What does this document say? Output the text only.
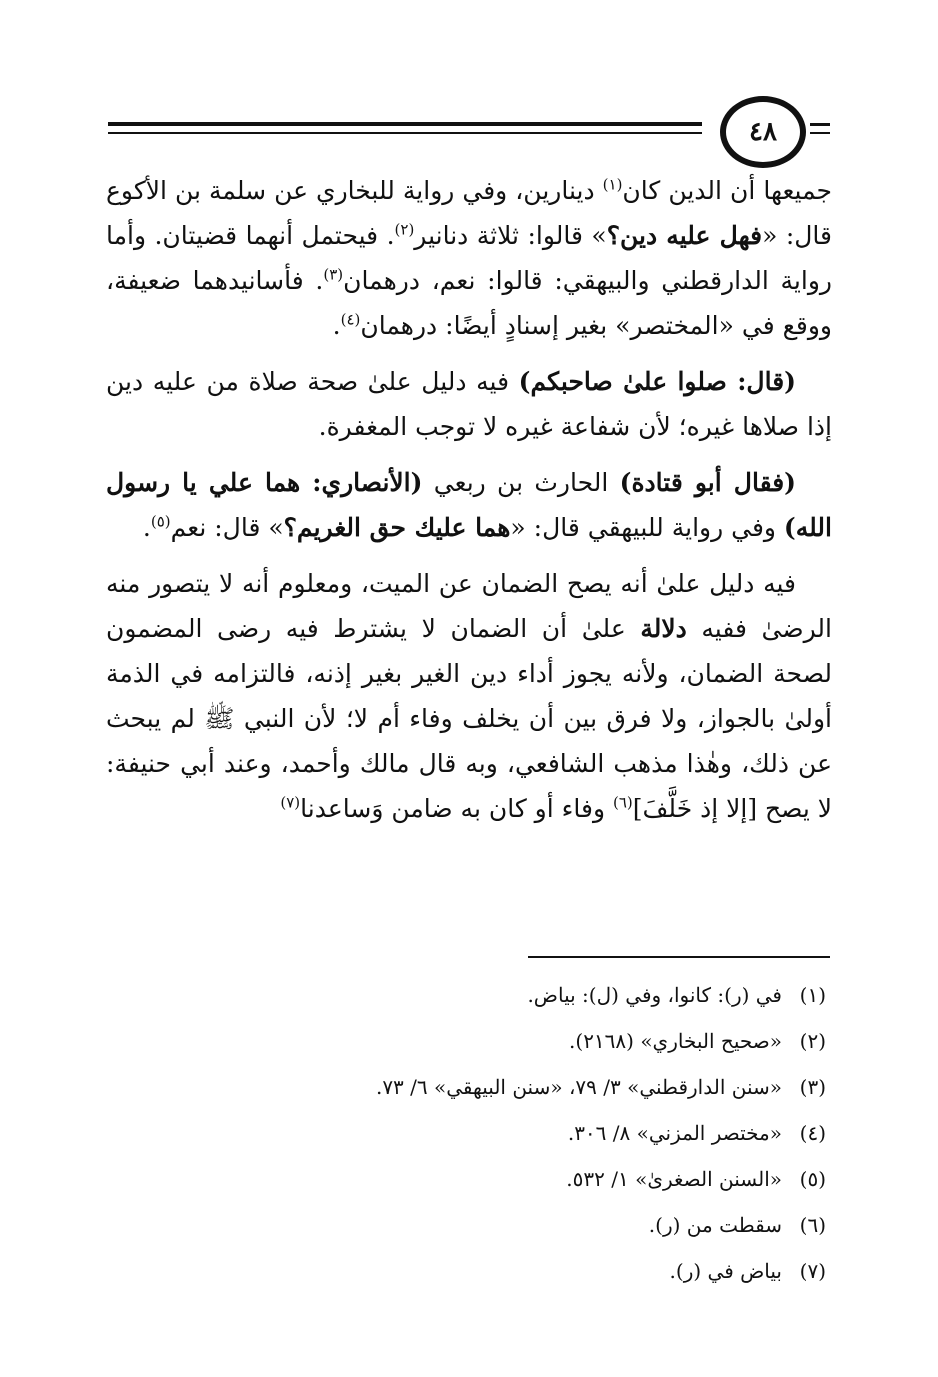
٤٨

جميعها أن الدين كان$^{(١)}$ دينارين، وفي رواية للبخاري عن سلمة بن الأكوع قال: «فهل عليه دين؟» قالوا: ثلاثة دنانير$^{(٢)}$. فيحتمل أنهما قضيتان. وأما رواية الدارقطني والبيهقي: قالوا: نعم، درهمان$^{(٣)}$. فأسانيدهما ضعيفة، ووقع في «المختصر» بغير إسنادٍ أيضًا: درهمان$^{(٤)}$.

(قال: صلوا علىٰ صاحبكم) فيه دليل علىٰ صحة صلاة من عليه دين إذا صلاها غيره؛ لأن شفاعة غيره لا توجب المغفرة.

(فقال أبو قتادة) الحارث بن ربعي (الأنصاري: هما علي يا رسول الله) وفي رواية للبيهقي قال: «هما عليك حق الغريم؟» قال: نعم$^{(٥)}$.

فيه دليل علىٰ أنه يصح الضمان عن الميت، ومعلوم أنه لا يتصور منه الرضىٰ ففيه دلالة علىٰ أن الضمان لا يشترط فيه رضى المضمون لصحة الضمان، ولأنه يجوز أداء دين الغير بغير إذنه، فالتزامه في الذمة أولىٰ بالجواز، ولا فرق بين أن يخلف وفاء أم لا؛ لأن النبي ﷺ لم يبحث عن ذلك، وهٰذا مذهب الشافعي، وبه قال مالك وأحمد، وعند أبي حنيفة: لا يصح [إلا إذ خَلَّفَ]$^{(٦)}$ وفاء أو كان به ضامن وَساعدنا$^{(٧)}$

(١)
في (ر): كانوا، وفي (ل): بياض.
(٢)
«صحيح البخاري» (٢١٦٨).
(٣)
«سنن الدارقطني» ٣/ ٧٩، «سنن البيهقي» ٦/ ٧٣.
(٤)
«مختصر المزني» ٨/ ٣٠٦.
(٥)
«السنن الصغرىٰ» ١/ ٥٣٢.
(٦)
سقطت من (ر).
(٧)
بياض في (ر).
